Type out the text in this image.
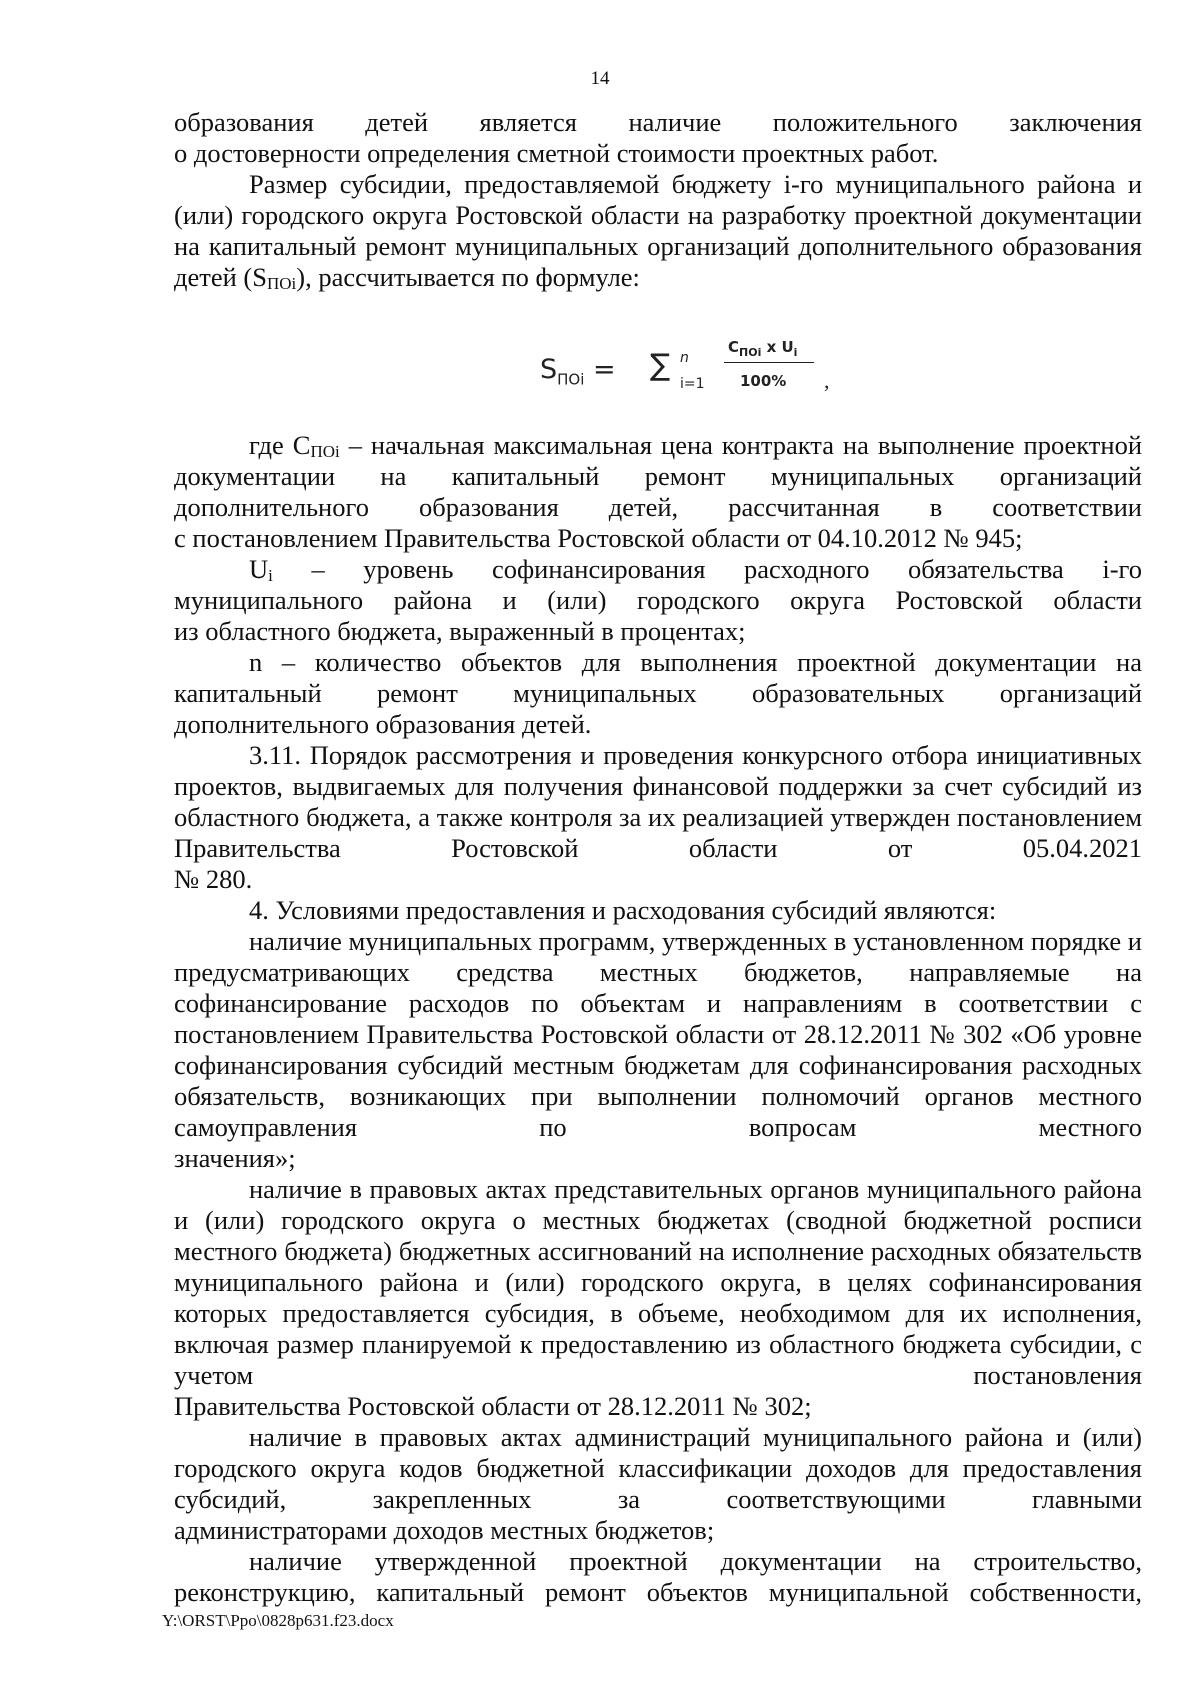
14

образования детей является наличие положительного заключения

о достоверности определения сметной стоимости проектных работ.

Размер субсидии, предоставляемой бюджету i-го муниципального района и (или) городского округа Ростовской области на разработку проектной документации на капитальный ремонт муниципальных организаций дополнительного образования детей $(S_{ПОi})$, рассчитывается по формуле:

$S_{ПОi}$ = ∑ n
i=1
$C_{ПОi}$ x $U_i$
100% ,

где $C_{ПОi}$ – начальная максимальная цена контракта на выполнение проектной документации на капитальный ремонт муниципальных организаций дополнительного образования детей, рассчитанная в соответствии

с постановлением Правительства Ростовской области от 04.10.2012 № 945;

$U_i$ – уровень софинансирования расходного обязательства i-го муниципального района и (или) городского округа Ростовской области

из областного бюджета, выраженный в процентах;

n – количество объектов для выполнения проектной документации на капитальный ремонт муниципальных образовательных организаций

дополнительного образования детей.

3.11. Порядок рассмотрения и проведения конкурсного отбора инициативных проектов, выдвигаемых для получения финансовой поддержки за счет субсидий из областного бюджета, а также контроля за их реализацией утвержден постановлением Правительства Ростовской области от 05.04.2021

№ 280.

4. Условиями предоставления и расходования субсидий являются:

наличие муниципальных программ, утвержденных в установленном порядке и предусматривающих средства местных бюджетов, направляемые на софинансирование расходов по объектам и направлениям в соответствии с постановлением Правительства Ростовской области от 28.12.2011 № 302 «Об уровне софинансирования субсидий местным бюджетам для софинансирования расходных обязательств, возникающих при выполнении полномочий органов местного самоуправления по вопросам местного

значения»;

наличие в правовых актах представительных органов муниципального района и (или) городского округа о местных бюджетах (сводной бюджетной росписи местного бюджета) бюджетных ассигнований на исполнение расходных обязательств муниципального района и (или) городского округа, в целях софинансирования которых предоставляется субсидия, в объеме, необходимом для их исполнения, включая размер планируемой к предоставлению из областного бюджета субсидии, с учетом постановления

Правительства Ростовской области от 28.12.2011 № 302;

наличие в правовых актах администраций муниципального района и (или) городского округа кодов бюджетной классификации доходов для предоставления субсидий, закрепленных за соответствующими главными

администраторами доходов местных бюджетов;

наличие утвержденной проектной документации на строительство, реконструкцию, капитальный ремонт объектов муниципальной собственности,

Y:\ORST\Ppo\0828p631.f23.docx
